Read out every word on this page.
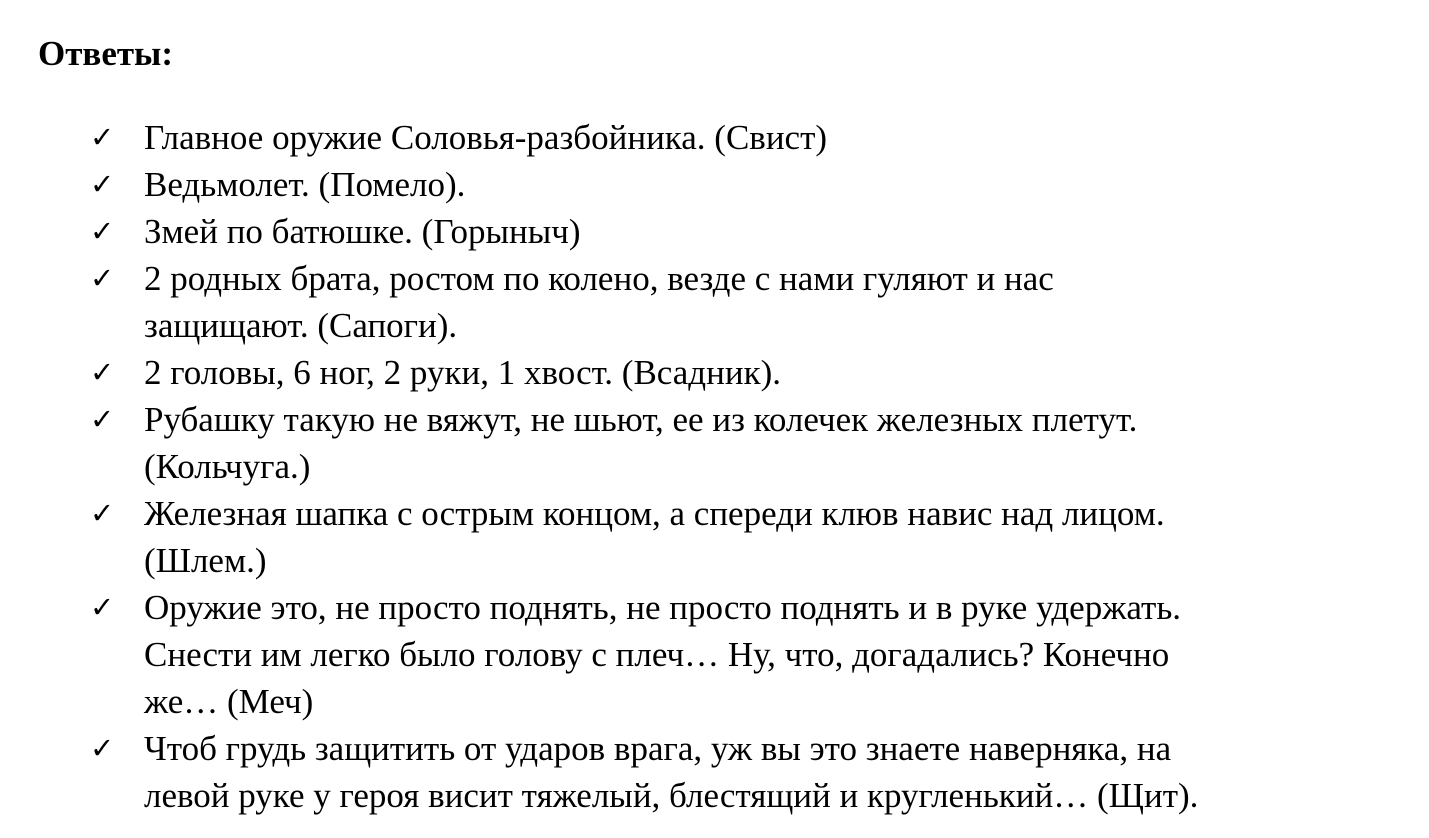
Ответы:
✓ Главное оружие Соловья-разбойника. (Свист)
✓ Ведьмолет. (Помело).
✓ Змей по батюшке. (Горыныч)
✓ 2 родных брата, ростом по колено, везде с нами гуляют и нас
защищают. (Сапоги).
✓ 2 головы, 6 ног, 2 руки, 1 хвост. (Всадник).
✓ Рубашку такую не вяжут, не шьют, ее из колечек железных плетут.
(Кольчуга.)
✓ Железная шапка с острым концом, а спереди клюв навис над лицом.
(Шлем.)
✓ Оружие это, не просто поднять, не просто поднять и в руке удержать.
Снести им легко было голову с плеч… Ну, что, догадались? Конечно
же… (Меч)
✓ Чтоб грудь защитить от ударов врага, уж вы это знаете наверняка, на
левой руке у героя висит тяжелый, блестящий и кругленький… (Щит).
